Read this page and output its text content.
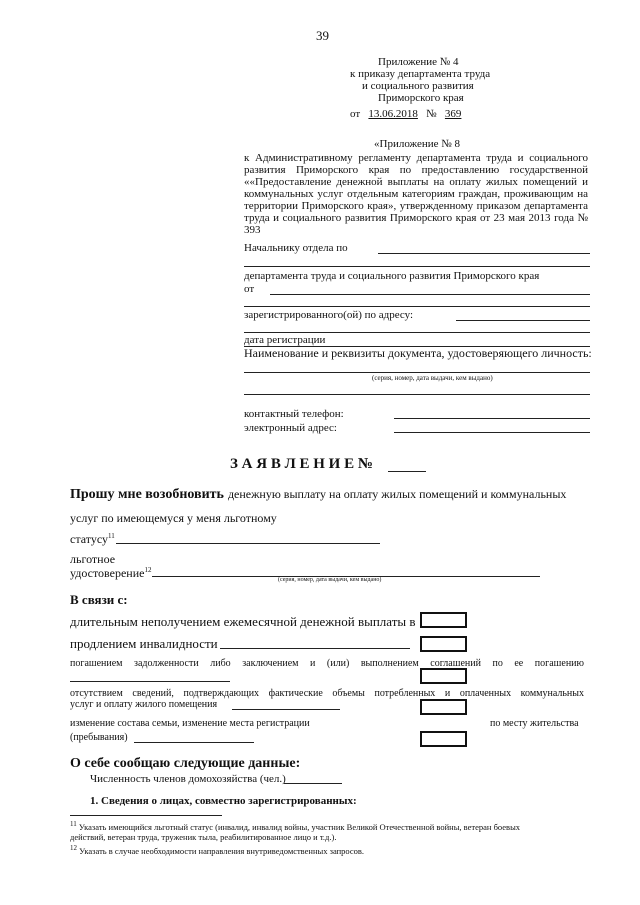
39
Приложение № 4
к приказу департамента труда
и социального развития
Приморского края
от 13.06.2018 № 369
«Приложение № 8
к Административному регламенту департамента труда и социального
развития Приморского края по предоставлению государственной
««Предоставление денежной выплаты на оплату жилых помещений и
коммунальных услуг отдельным категориям граждан, проживающим на
территории Приморского края», утвержденному приказом департамента
труда и социального развития Приморского края от 23 мая 2013 года №
393
Начальнику отдела по
департамента труда и социального развития Приморского края
от
зарегистрированного(ой) по адресу:
дата регистрации
Наименование и реквизиты документа, удостоверяющего личность:
(серия, номер, дата выдачи, кем выдано)
контактный телефон:
электронный адрес:
З А Я В Л Е Н И Е №
Прошу мне возобновить денежную выплату на оплату жилых помещений и коммунальных
услуг по имеющемуся у меня льготному
статусу$^{11}$
льготное
удостоверение$^{12}$
(серия, номер, дата выдачи, кем выдано)
В связи с:
длительным неполучением ежемесячной денежной выплаты в
продлением инвалидности
погашением задолженности либо заключением и (или) выполнением соглашений по ее погашению
отсутствием сведений, подтверждающих фактические объемы потребленных и оплаченных коммунальных
услуг и оплату жилого помещения
изменение состава семьи, изменение места регистрации	по месту жительства
(пребывания)
О себе сообщаю следующие данные:
Численность членов домохозяйства (чел.)
1. Сведения о лицах, совместно зарегистрированных:
$^{11}$ Указать имеющийся льготный статус (инвалид, инвалид войны, участник Великой Отечественной войны, ветеран боевых
действий, ветеран труда, труженик тыла, реабилитированное лицо и т.д.).
$^{12}$ Указать в случае необходимости направления внутриведомственных запросов.
